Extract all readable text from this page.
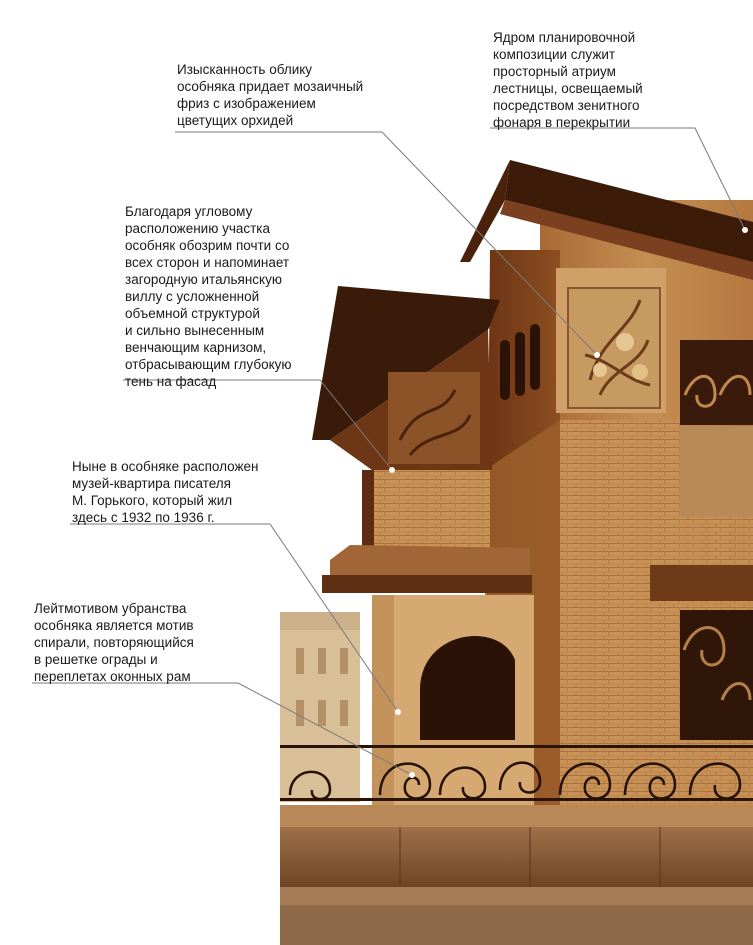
Ядром планировочной
композиции служит
просторный атриум
лестницы, освещаемый
посредством зенитного
фонаря в перекрытии

Изысканность облику
особняка придает мозаичный
фриз с изображением
цветущих орхидей

Благодаря угловому
расположению участка
особняк обозрим почти со
всех сторон и напоминает
загородную итальянскую
виллу с усложненной
объемной структурой
и сильно вынесенным
венчающим карнизом,
отбрасывающим глубокую
тень на фасад

Ныне в особняке расположен
музей-квартира писателя
М. Горького, который жил
здесь с 1932 по 1936 г.

Лейтмотивом убранства
особняка является мотив
спирали, повторяющийся
в решетке ограды и
переплетах оконных рам
